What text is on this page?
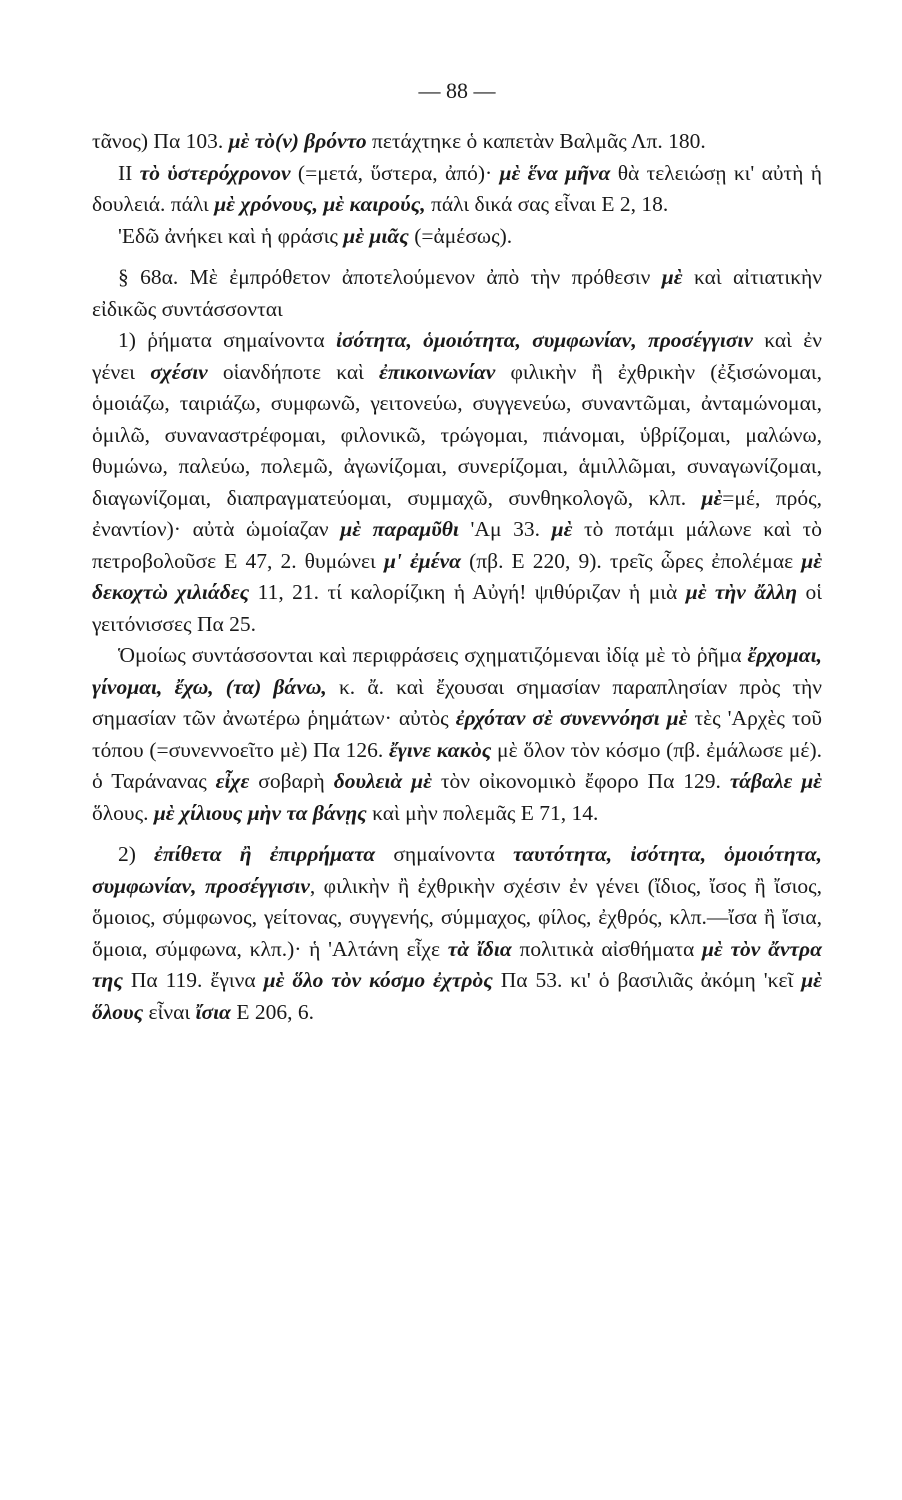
— 88 —

τᾶνος) Πα 103. μὲ τὸ(ν) βρόντο πετάχτηκε ὁ καπετὰν Βαλμᾶς Λπ. 180.

II τὸ ὑστερόχρονον (=μετά, ὕστερα, ἀπό)· μὲ ἕνα μῆνα θὰ τελειώσῃ κι' αὐτὴ ἡ δουλειά. πάλι μὲ χρόνους, μὲ καιρούς, πάλι δικά σας εἶναι Ε 2, 18.

'Εδῶ ἀνήκει καὶ ἡ φράσις μὲ μιᾶς (=ἀμέσως).

§ 68α. Μὲ ἐμπρόθετον ἀποτελούμενον ἀπὸ τὴν πρόθεσιν μὲ καὶ αἰτιατικὴν εἰδικῶς συντάσσονται

1) ῥήματα σημαίνοντα ἰσότητα, ὁμοιότητα, συμφωνίαν, προσέγγισιν καὶ ἐν γένει σχέσιν οἱανδήποτε καὶ ἐπικοινωνίαν φιλικὴν ἢ ἐχθρικὴν (ἐξισώνομαι, ὁμοιάζω, ταιριάζω, συμφωνῶ, γειτονεύω, συγγενεύω, συναντῶμαι, ἀνταμώνομαι, ὁμιλῶ, συναναστρέφομαι, φιλονικῶ, τρώγομαι, πιάνομαι, ὑβρίζομαι, μαλώνω, θυμώνω, παλεύω, πολεμῶ, ἀγωνίζομαι, συνερίζομαι, ἁμιλλῶμαι, συναγωνίζομαι, διαγωνίζομαι, διαπραγματεύομαι, συμμαχῶ, συνθηκολογῶ, κλπ. μὲ=μέ, πρός, ἐναντίον)· αὐτὰ ὡμοίαζαν μὲ παραμῦθι 'Αμ 33. μὲ τὸ ποτάμι μάλωνε καὶ τὸ πετροβολοῦσε Ε 47, 2. θυμώνει μ' ἐμένα (πβ. Ε 220, 9). τρεῖς ὧρες ἐπολέμαε μὲ δεκοχτὼ χιλιάδες 11, 21. τί καλορίζικη ἡ Αὐγή! ψιθύριζαν ἡ μιὰ μὲ τὴν ἄλλη οἱ γειτόνισσες Πα 25.

Ὁμοίως συντάσσονται καὶ περιφράσεις σχηματιζόμεναι ἰδίᾳ μὲ τὸ ῥῆμα ἔρχομαι, γίνομαι, ἔχω, (τα) βάνω, κ. ἄ. καὶ ἔχουσαι σημασίαν παραπλησίαν πρὸς τὴν σημασίαν τῶν ἀνωτέρω ῥημάτων· αὐτὸς ἐρχόταν σὲ συνεννόησι μὲ τὲς 'Αρχὲς τοῦ τόπου (=συνεννοεῖτο μὲ) Πα 126. ἔγινε κακὸς μὲ ὅλον τὸν κόσμο (πβ. ἐμάλωσε μέ). ὁ Ταράνανας εἶχε σοβαρὴ δουλειὰ μὲ τὸν οἰκονομικὸ ἔφορο Πα 129. τάβαλε μὲ ὅλους. μὲ χίλιους μὴν τα βάνῃς καὶ μὴν πολεμᾶς Ε 71, 14.

2) ἐπίθετα ἢ ἐπιρρήματα σημαίνοντα ταυτότητα, ἰσότητα, ὁμοιότητα, συμφωνίαν, προσέγγισιν, φιλικὴν ἢ ἐχθρικὴν σχέσιν ἐν γένει (ἴδιος, ἴσος ἢ ἴσιος, ὅμοιος, σύμφωνος, γείτονας, συγγενής, σύμμαχος, φίλος, ἐχθρός, κλπ.—ἴσα ἢ ἴσια, ὅμοια, σύμφωνα, κλπ.)· ἡ 'Αλτάνη εἶχε τὰ ἴδια πολιτικὰ αἰσθήματα μὲ τὸν ἄντρα της Πα 119. ἔγινα μὲ ὅλο τὸν κόσμο ἐχτρὸς Πα 53. κι' ὁ βασιλιᾶς ἀκόμη 'κεῖ μὲ ὅλους εἶναι ἴσια Ε 206, 6.
